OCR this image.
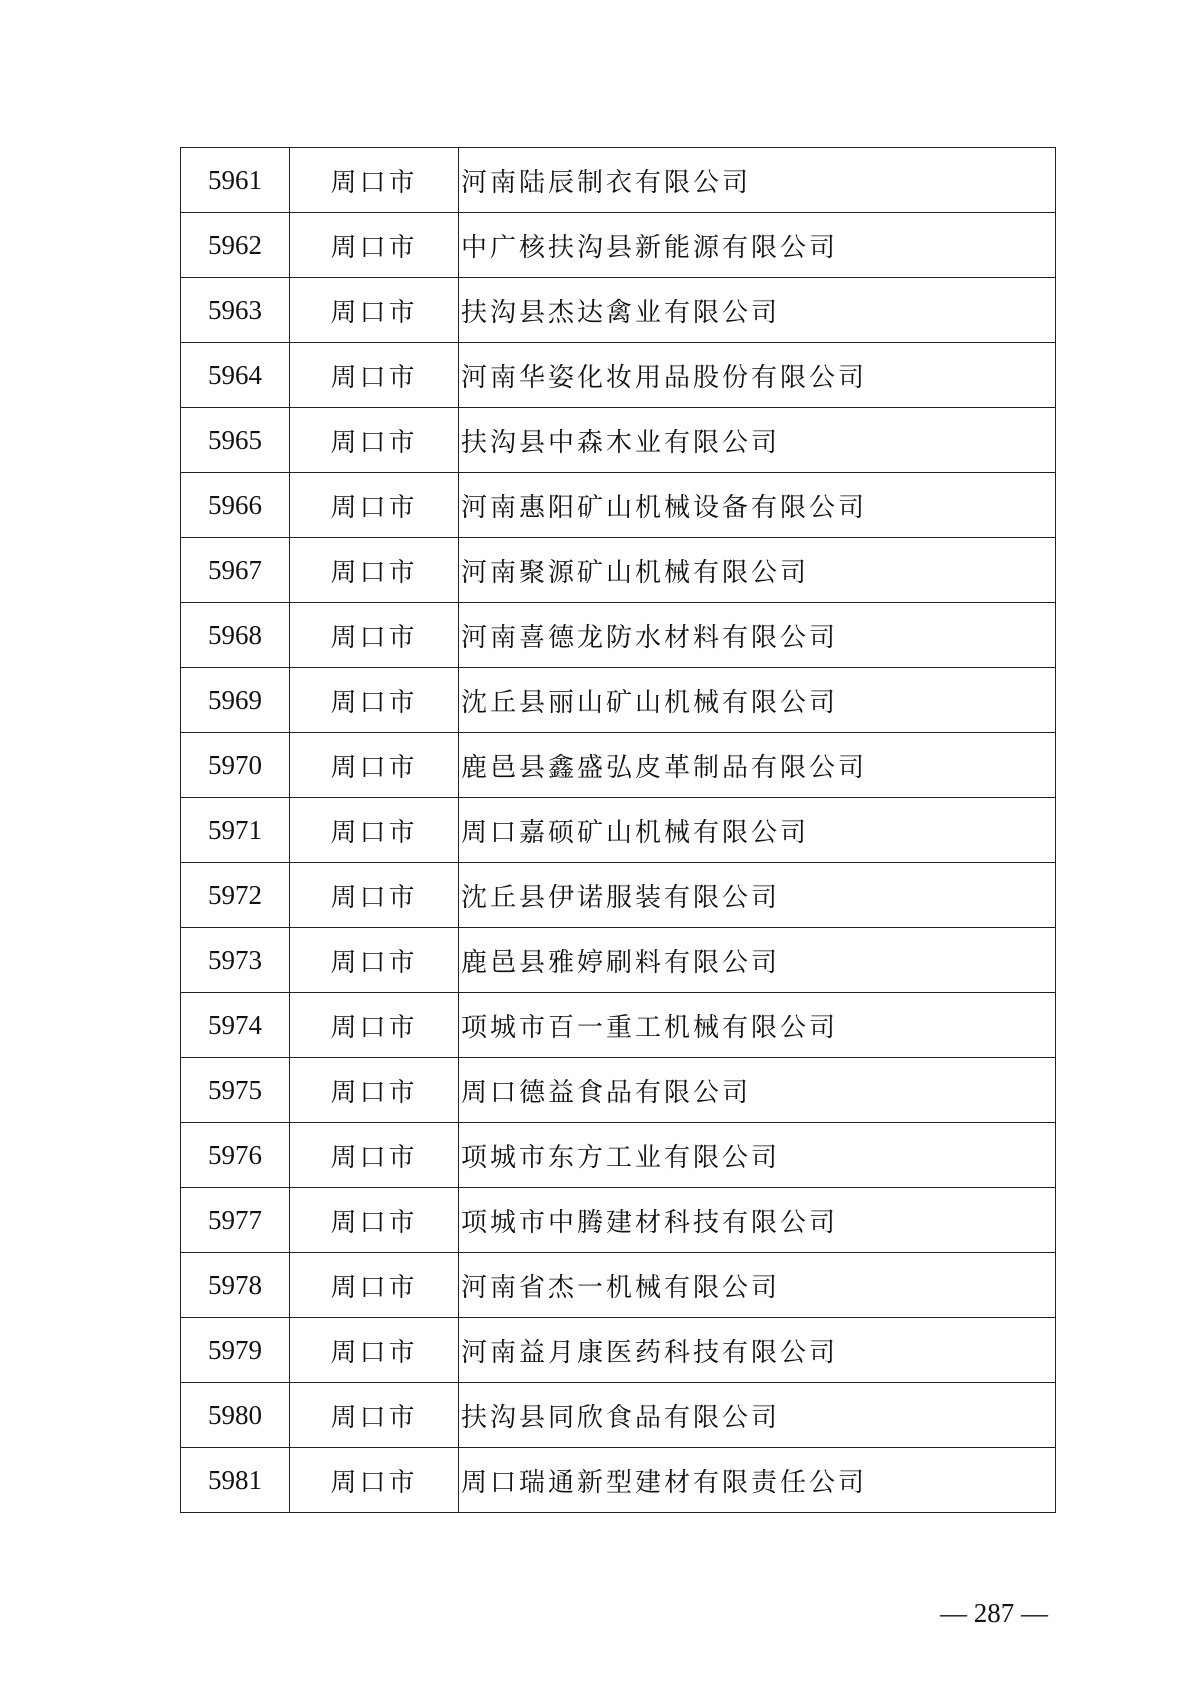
5961	周口市	河南陆辰制衣有限公司
5962	周口市	中广核扶沟县新能源有限公司
5963	周口市	扶沟县杰达禽业有限公司
5964	周口市	河南华姿化妆用品股份有限公司
5965	周口市	扶沟县中森木业有限公司
5966	周口市	河南惠阳矿山机械设备有限公司
5967	周口市	河南聚源矿山机械有限公司
5968	周口市	河南喜德龙防水材料有限公司
5969	周口市	沈丘县丽山矿山机械有限公司
5970	周口市	鹿邑县鑫盛弘皮革制品有限公司
5971	周口市	周口嘉硕矿山机械有限公司
5972	周口市	沈丘县伊诺服装有限公司
5973	周口市	鹿邑县雅婷刷料有限公司
5974	周口市	项城市百一重工机械有限公司
5975	周口市	周口德益食品有限公司
5976	周口市	项城市东方工业有限公司
5977	周口市	项城市中腾建材科技有限公司
5978	周口市	河南省杰一机械有限公司
5979	周口市	河南益月康医药科技有限公司
5980	周口市	扶沟县同欣食品有限公司
5981	周口市	周口瑞通新型建材有限责任公司
— 287 —
